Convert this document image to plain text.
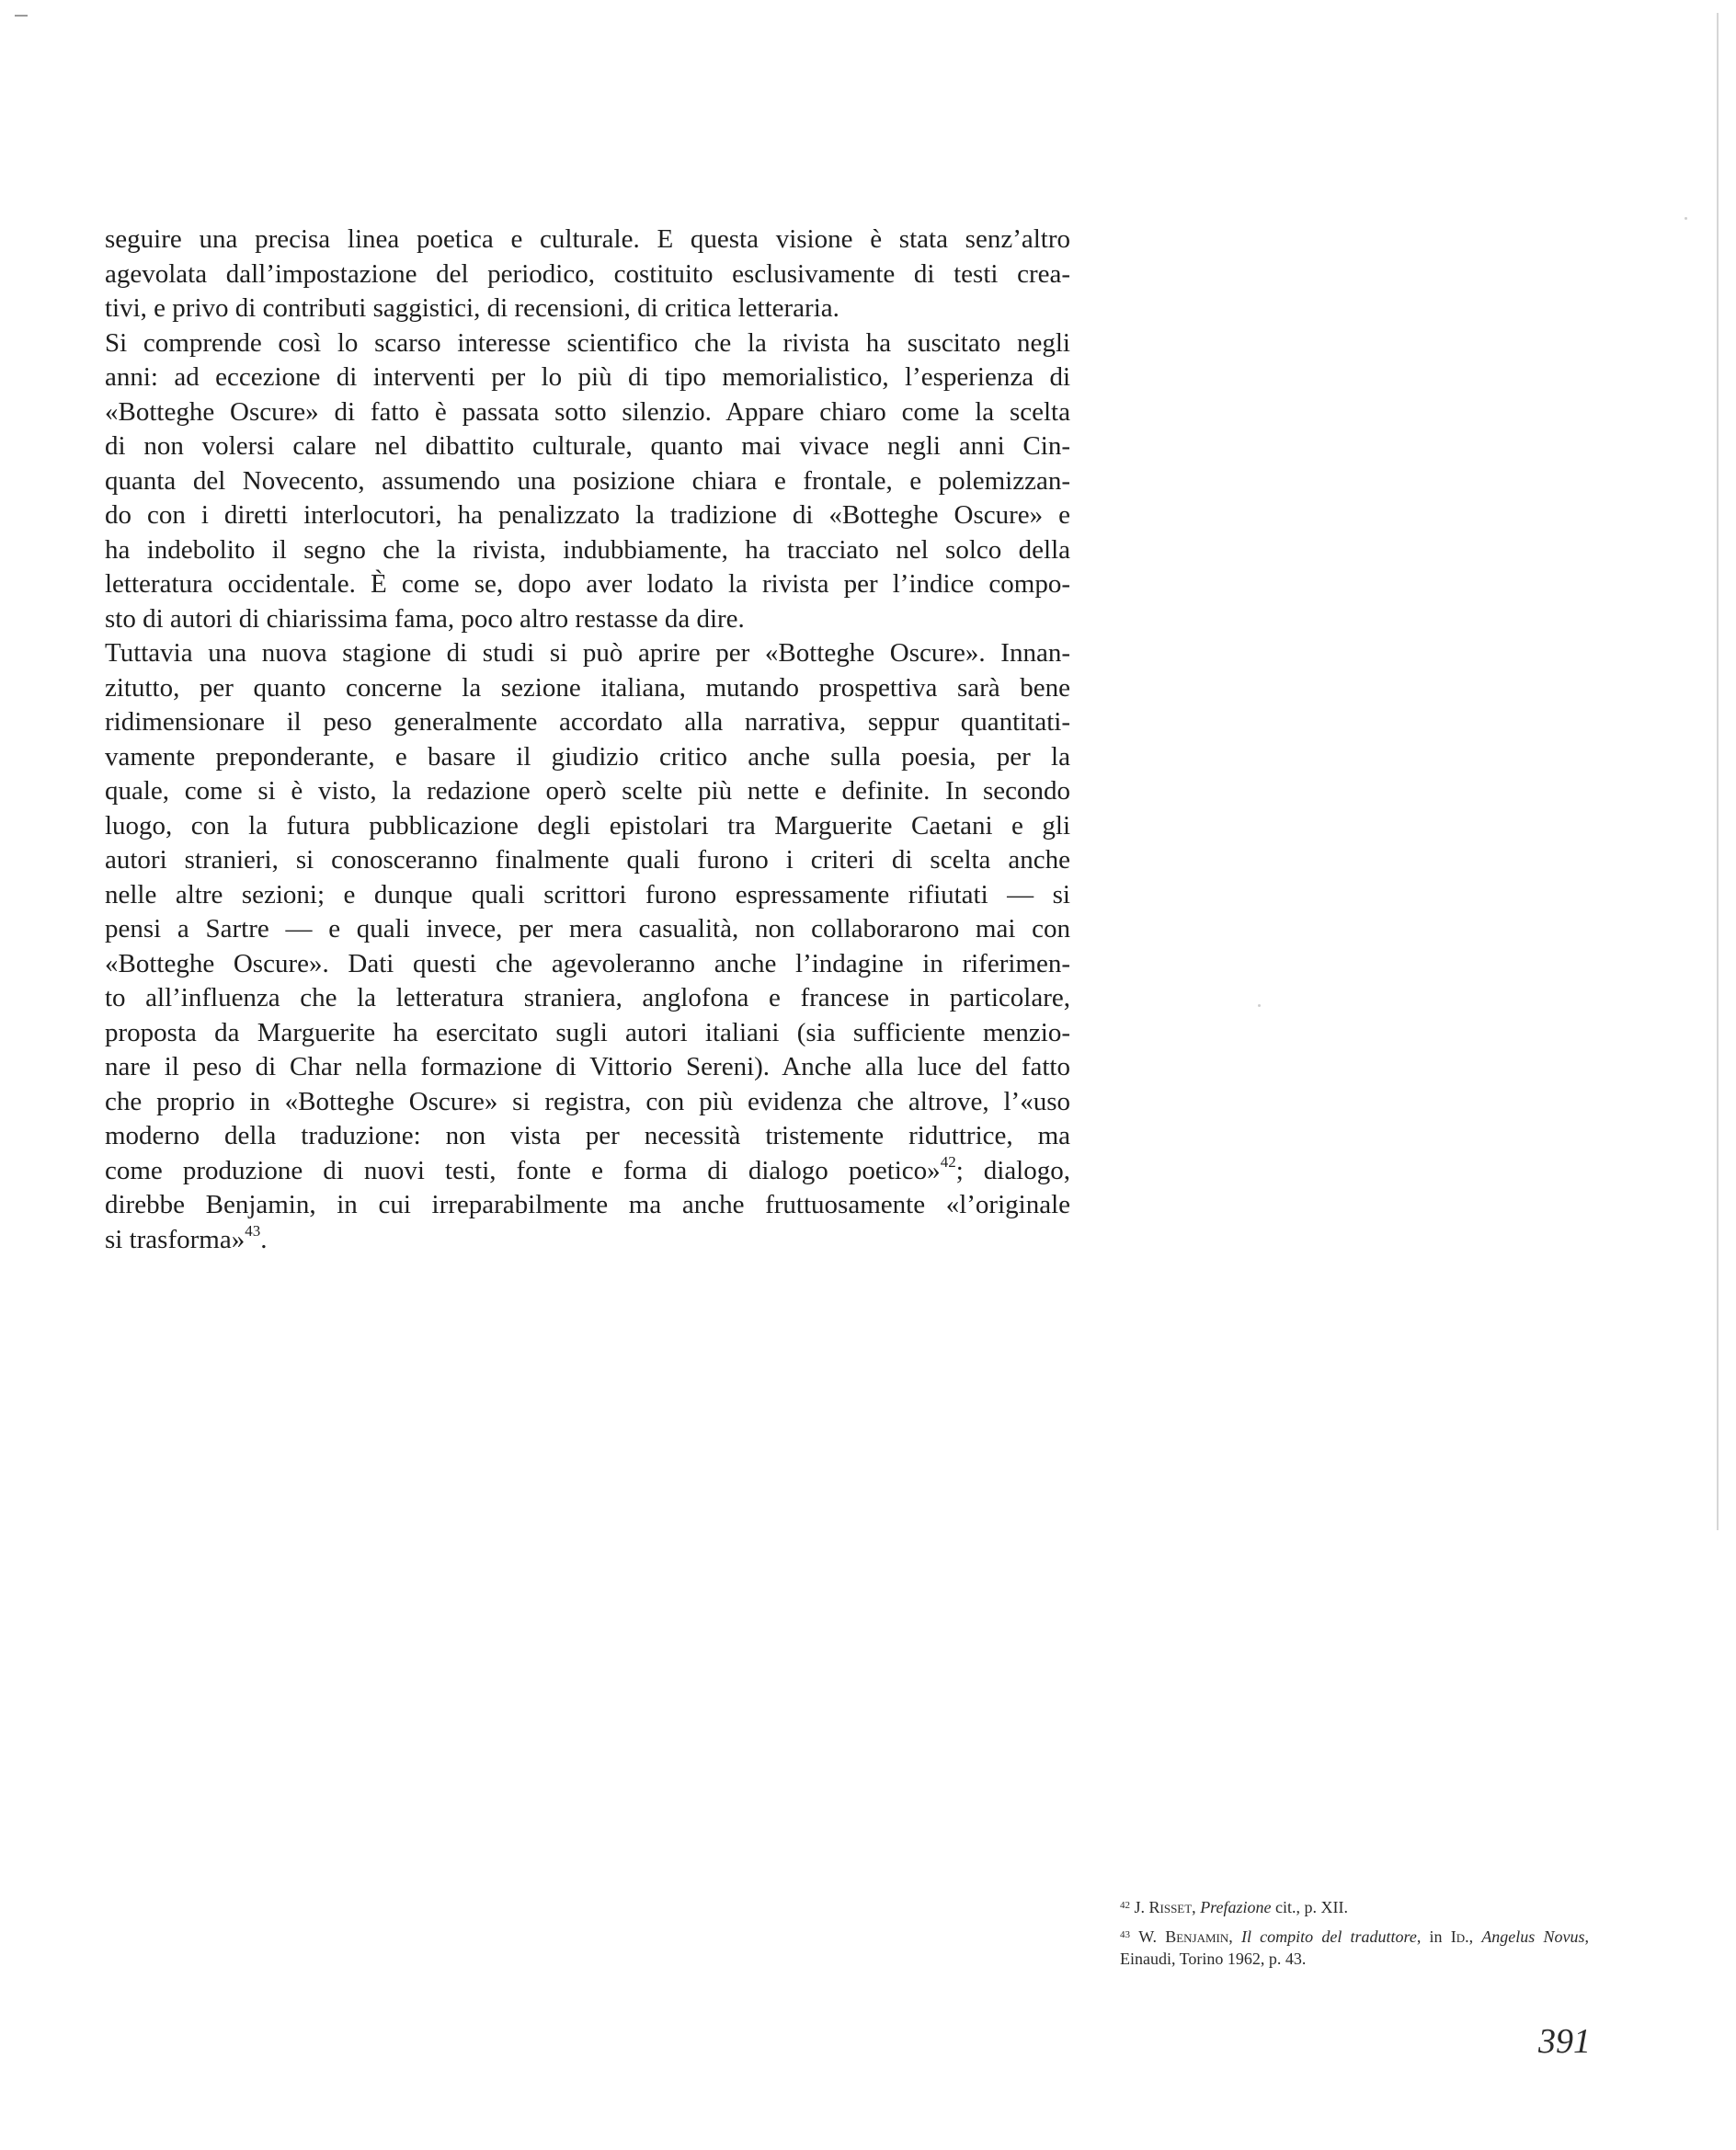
seguire una precisa linea poetica e culturale. E questa visione è stata senz’altro
agevolata dall’impostazione del periodico, costituito esclusivamente di testi crea-
tivi, e privo di contributi saggistici, di recensioni, di critica letteraria.
Si comprende così lo scarso interesse scientifico che la rivista ha suscitato negli
anni: ad eccezione di interventi per lo più di tipo memorialistico, l’esperienza di
«Botteghe Oscure» di fatto è passata sotto silenzio. Appare chiaro come la scelta
di non volersi calare nel dibattito culturale, quanto mai vivace negli anni Cin-
quanta del Novecento, assumendo una posizione chiara e frontale, e polemizzan-
do con i diretti interlocutori, ha penalizzato la tradizione di «Botteghe Oscure» e
ha indebolito il segno che la rivista, indubbiamente, ha tracciato nel solco della
letteratura occidentale. È come se, dopo aver lodato la rivista per l’indice compo-
sto di autori di chiarissima fama, poco altro restasse da dire.
Tuttavia una nuova stagione di studi si può aprire per «Botteghe Oscure». Innan-
zitutto, per quanto concerne la sezione italiana, mutando prospettiva sarà bene
ridimensionare il peso generalmente accordato alla narrativa, seppur quantitati-
vamente preponderante, e basare il giudizio critico anche sulla poesia, per la
quale, come si è visto, la redazione operò scelte più nette e definite. In secondo
luogo, con la futura pubblicazione degli epistolari tra Marguerite Caetani e gli
autori stranieri, si conosceranno finalmente quali furono i criteri di scelta anche
nelle altre sezioni; e dunque quali scrittori furono espressamente rifiutati — si
pensi a Sartre — e quali invece, per mera casualità, non collaborarono mai con
«Botteghe Oscure». Dati questi che agevoleranno anche l’indagine in riferimen-
to all’influenza che la letteratura straniera, anglofona e francese in particolare,
proposta da Marguerite ha esercitato sugli autori italiani (sia sufficiente menzio-
nare il peso di Char nella formazione di Vittorio Sereni). Anche alla luce del fatto
che proprio in «Botteghe Oscure» si registra, con più evidenza che altrove, l’«uso
moderno della traduzione: non vista per necessità tristemente riduttrice, ma
come produzione di nuovi testi, fonte e forma di dialogo poetico»$^{42}$; dialogo,
direbbe Benjamin, in cui irreparabilmente ma anche fruttuosamente «l’originale
si trasforma»$^{43}$.

$^{42}$ J. Risset, Prefazione cit., p. XII.

$^{43}$ W. Benjamin, Il compito del traduttore, in Id., Angelus Novus, Einaudi, Torino 1962, p. 43.

391
